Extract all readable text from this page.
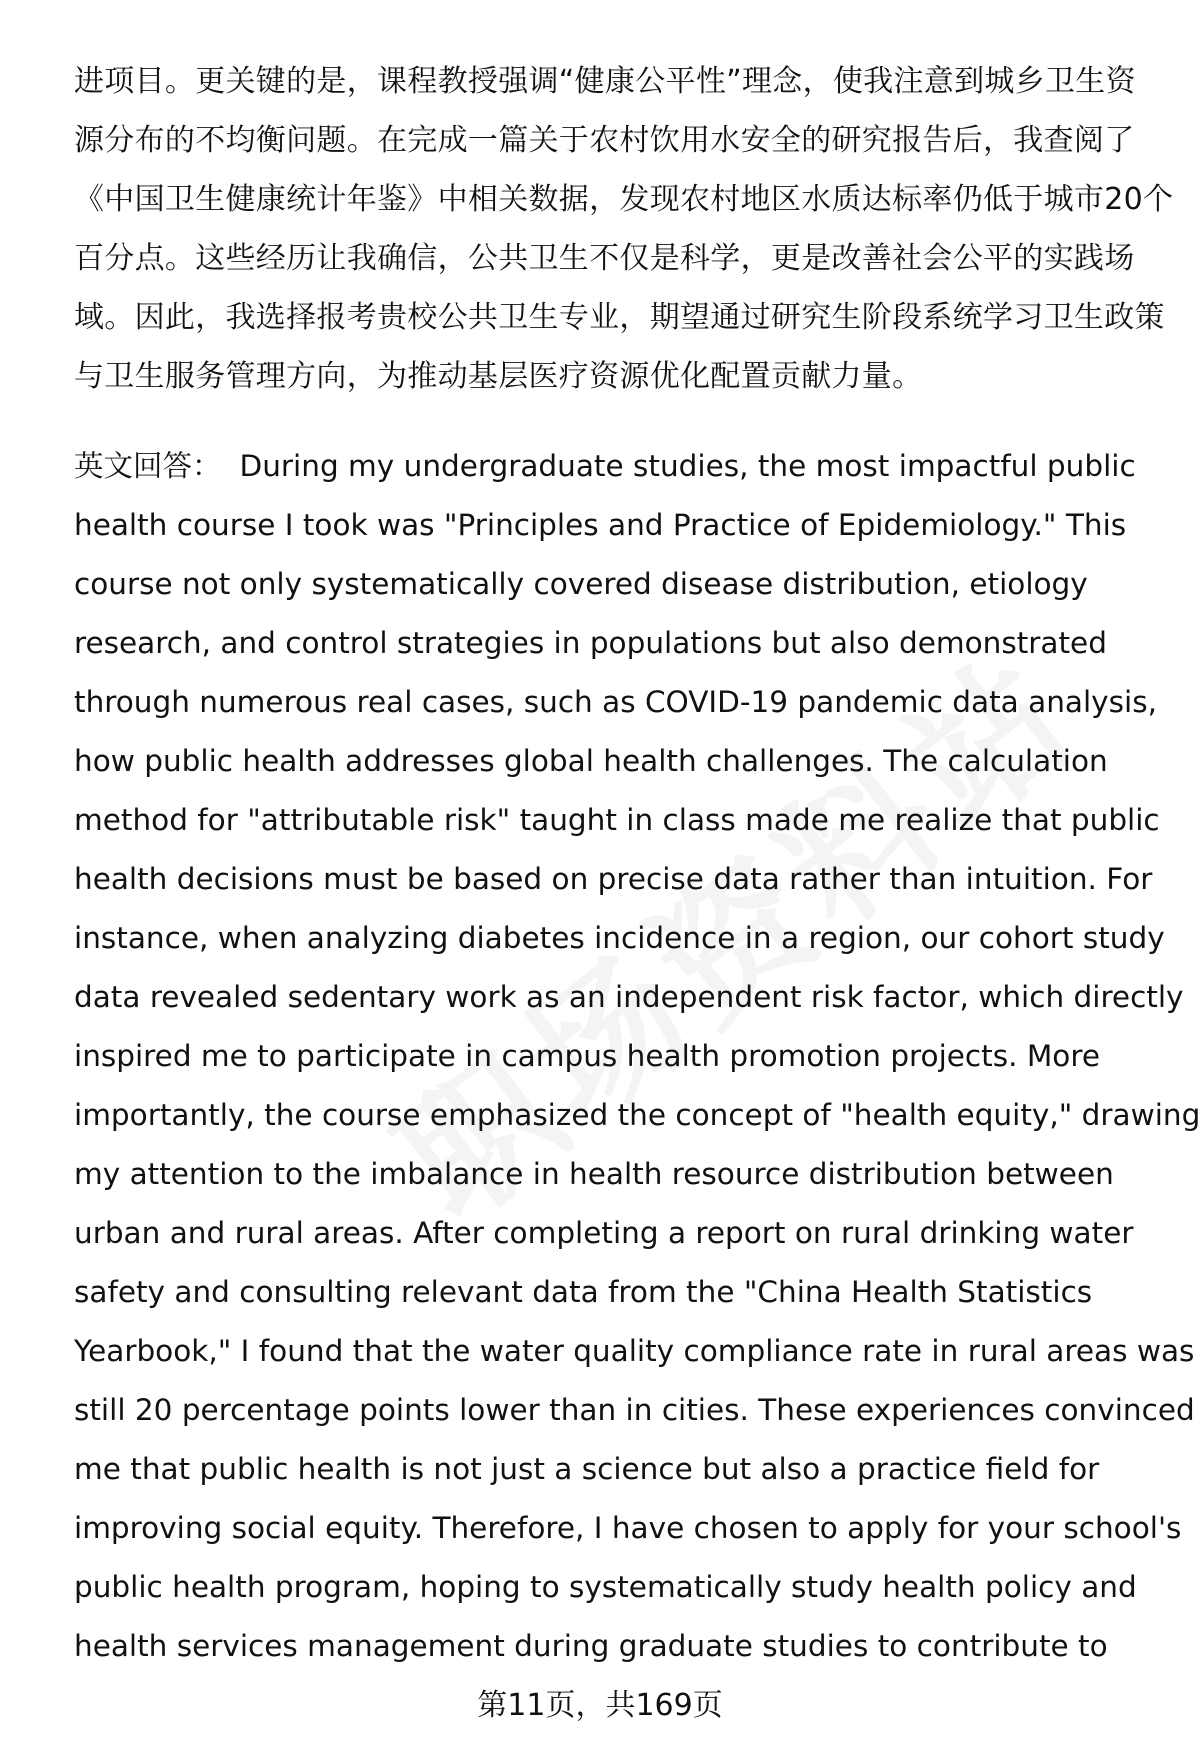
进项目。更关键的是，课程教授强调“健康公平性”理念，使我注意到城乡卫生资
源分布的不均衡问题。在完成一篇关于农村饮用水安全的研究报告后，我查阅了
《中国卫生健康统计年鉴》中相关数据，发现农村地区水质达标率仍低于城市20个
百分点。这些经历让我确信，公共卫生不仅是科学，更是改善社会公平的实践场
域。因此，我选择报考贵校公共卫生专业，期望通过研究生阶段系统学习卫生政策
与卫生服务管理方向，为推动基层医疗资源优化配置贡献力量。
英文回答： During my undergraduate studies, the most impactful public
health course I took was "Principles and Practice of Epidemiology." This
course not only systematically covered disease distribution, etiology
research, and control strategies in populations but also demonstrated
through numerous real cases, such as COVID-19 pandemic data analysis,
how public health addresses global health challenges. The calculation
method for "attributable risk" taught in class made me realize that public
health decisions must be based on precise data rather than intuition. For
instance, when analyzing diabetes incidence in a region, our cohort study
data revealed sedentary work as an independent risk factor, which directly
inspired me to participate in campus health promotion projects. More
importantly, the course emphasized the concept of "health equity," drawing
my attention to the imbalance in health resource distribution between
urban and rural areas. After completing a report on rural drinking water
safety and consulting relevant data from the "China Health Statistics
Yearbook," I found that the water quality compliance rate in rural areas was
still 20 percentage points lower than in cities. These experiences convinced
me that public health is not just a science but also a practice field for
improving social equity. Therefore, I have chosen to apply for your school's
public health program, hoping to systematically study health policy and
health services management during graduate studies to contribute to
第11页，共169页
